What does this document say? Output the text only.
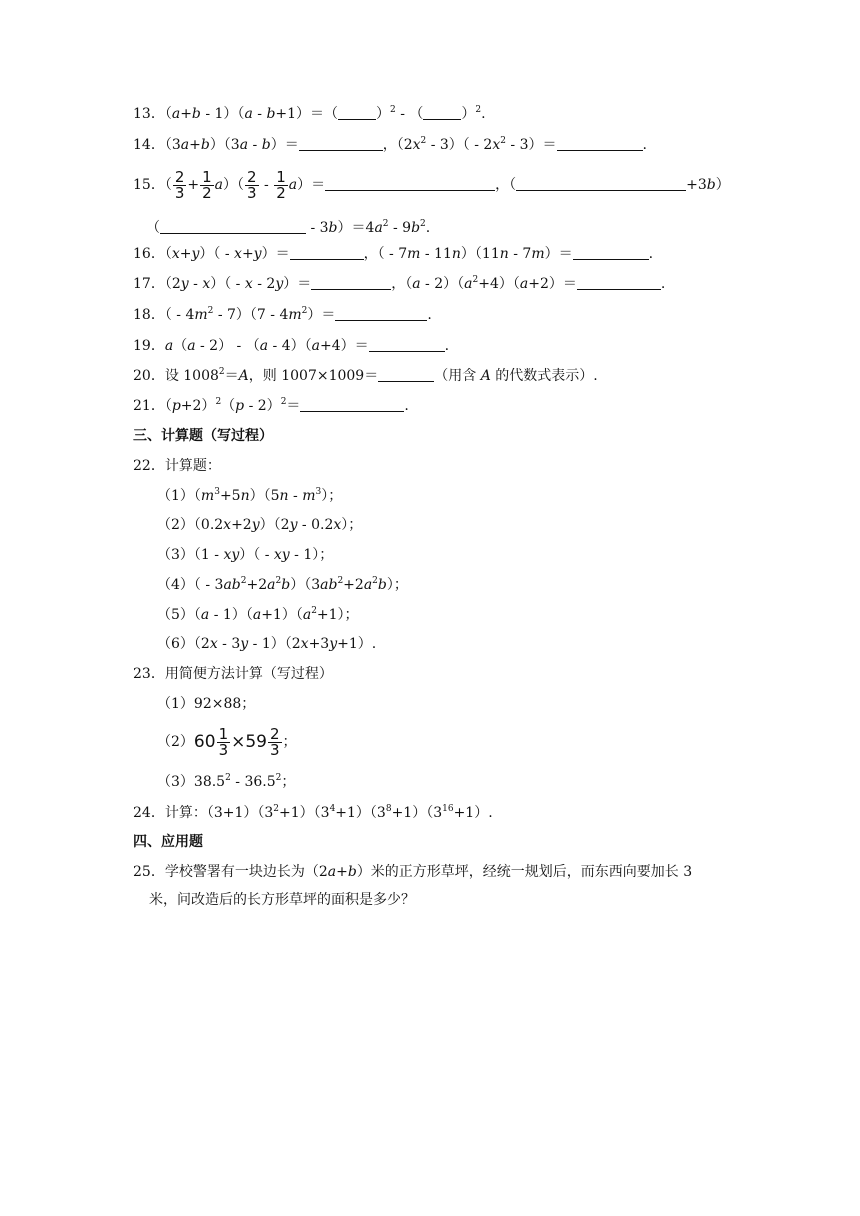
13．（a+b - 1）（a - b+1）＝（	）$^2$ - （	）$^2$.
14．（3a+b）（3a - b）＝	，$(2x^2 - 3)( - 2x^2 - 3)=$	.
15．（ $\frac{2}{3} + \frac{1}{2} a)( \frac{2}{3} - \frac{1}{2} a)=$	，（	+3b）
（	- $3b)=4a^2 - 9b^2$.
16．（x+y）（ - x+y）＝	，（ - 7m - 11n）（11n - 7m）＝	.
17．（2y - x）（ - x - 2y）＝	，$(a - 2)(a^2+4)(a+2)=$	.
18．（ - $4m^2 - 7)(7 - 4m^2)=$	.
19．a（a - 2） - （a - 4）（a+4）＝	.
20．设 $1008^2=A$，则 1007×1009＝	（用含 A 的代数式表示）.
21．$(p+2)^2(p - 2)^2=$	.
三、计算题（写过程）
22．计算题：
$(1)(m^3+5n)(5n - m^3)$；
（2）（0.2x+2y）（2y - 0.2x）；
（3）（1 - xy）（ - xy - 1）；
$(4)( - 3ab^2+2a^2b)(3ab^2+2a^2b)$；
$(5)(a - 1)(a+1)(a^2+1)$；
（6）（2x - 3y - 1）（2x+3y+1）.
23．用简便方法计算（写过程）
（1）92×88；
$(2)60 \frac{1}{3} \times 59 \frac{2}{3}$ ；
（3）38.5$^2$ - 36.5$^2$；
24．计算：$(3+1)(3^2+1)(3^4+1)(3^8+1)(3^{16}+1)$.
四、应用题
25．学校警署有一块边长为（2a+b）米的正方形草坪，经统一规划后，而东西向要加长 3
米，问改造后的长方形草坪的面积是多少？
